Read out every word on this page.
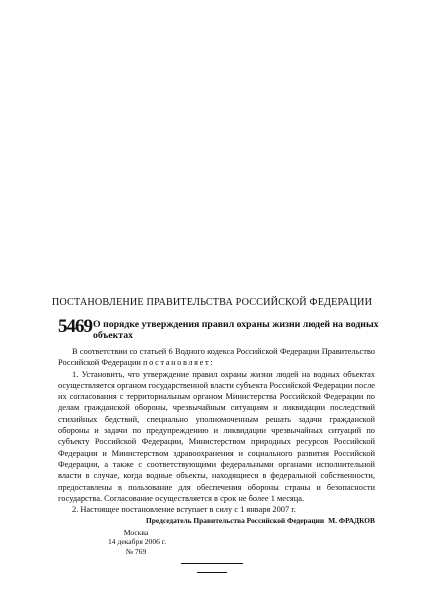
ПОСТАНОВЛЕНИЕ ПРАВИТЕЛЬСТВА РОССИЙСКОЙ ФЕДЕРАЦИИ
5469 О порядке утверждения правил охраны жизни людей на водных объектах

В соответствии со статьей 6 Водного кодекса Российской Федерации Правительство Российской Федерации постановляет:

1. Установить, что утверждение правил охраны жизни людей на водных объектах осуществляется органом государственной власти субъекта Российской Федерации после их согласования с территориальным органом Министерства Российской Федерации по делам гражданской обороны, чрезвычайным ситуациям и ликвидации последствий стихийных бедствий, специально уполномоченным решать задачи гражданской обороны и задачи по предупреждению и ликвидации чрезвычайных ситуаций по субъекту Российской Федерации, Министерством природных ресурсов Российской Федерации и Министерством здравоохранения и социального развития Российской Федерации, а также с соответствующими федеральными органами исполнительной власти в случае, когда водные объекты, находящиеся в федеральной собственности, предоставлены в пользование для обеспечения обороны страны и безопасности государства. Согласование осуществляется в срок не более 1 месяца.

2. Настоящее постановление вступает в силу с 1 января 2007 г.

Председатель Правительства Российской Федерации М. ФРАДКОВ
Москва
14 декабря 2006 г.
№ 769
